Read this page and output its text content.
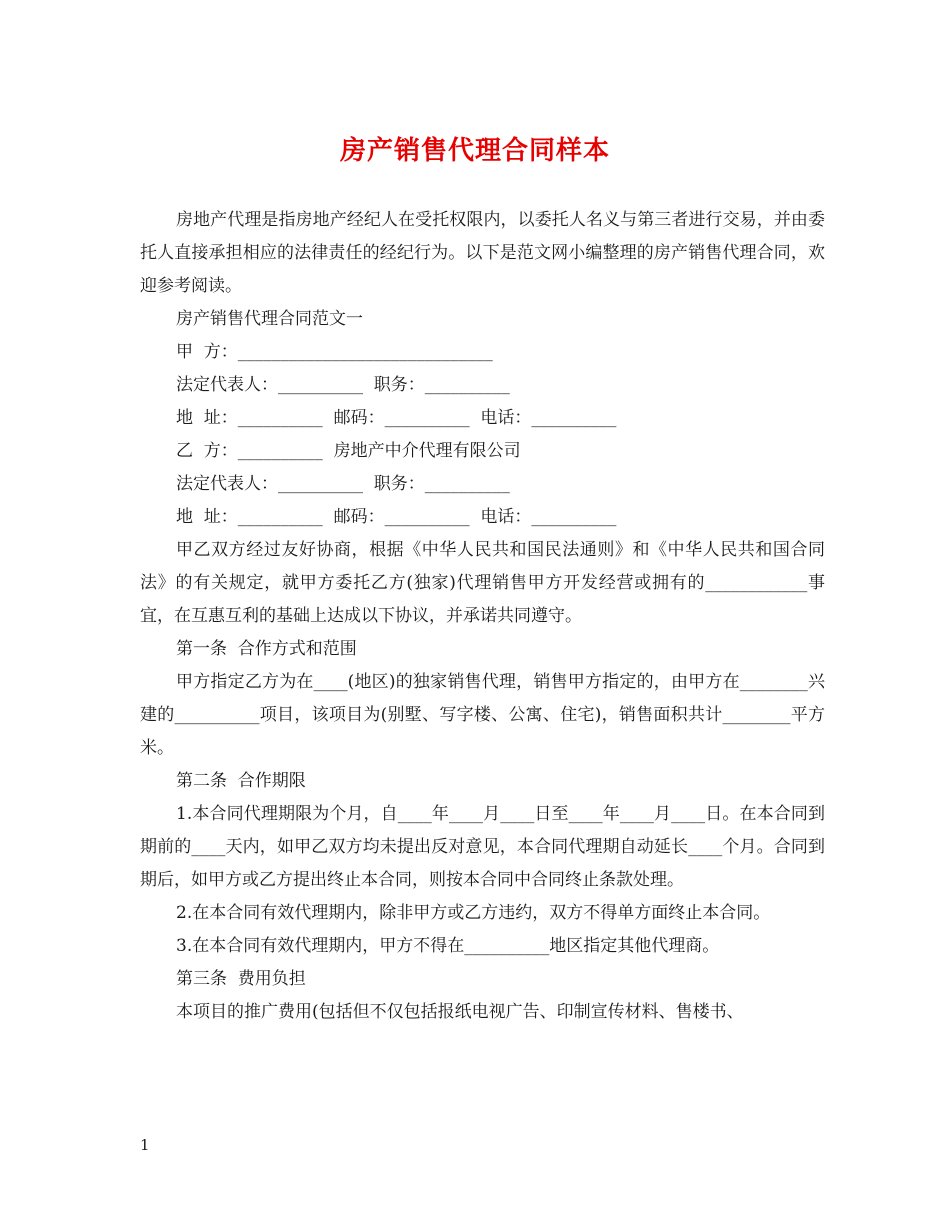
房产销售代理合同样本

房地产代理是指房地产经纪人在受托权限内，以委托人名义与第三者进行交易，并由委托人直接承担相应的法律责任的经纪行为。以下是范文网小编整理的房产销售代理合同，欢迎参考阅读。

房产销售代理合同范文一

甲  方：______________________________

法定代表人：__________  职务：__________

地  址：__________  邮码：__________  电话：__________

乙  方：__________  房地产中介代理有限公司

法定代表人：__________  职务：__________

地  址：__________  邮码：__________  电话：__________

甲乙双方经过友好协商，根据《中华人民共和国民法通则》和《中华人民共和国合同法》的有关规定，就甲方委托乙方(独家)代理销售甲方开发经营或拥有的____________事宜，在互惠互利的基础上达成以下协议，并承诺共同遵守。

第一条  合作方式和范围

甲方指定乙方为在____(地区)的独家销售代理，销售甲方指定的，由甲方在________兴建的__________项目，该项目为(别墅、写字楼、公寓、住宅)，销售面积共计________平方米。

第二条  合作期限

1.本合同代理期限为个月，自____年____月____日至____年____月____日。在本合同到期前的____天内，如甲乙双方均未提出反对意见，本合同代理期自动延长____个月。合同到期后，如甲方或乙方提出终止本合同，则按本合同中合同终止条款处理。

2.在本合同有效代理期内，除非甲方或乙方违约，双方不得单方面终止本合同。

3.在本合同有效代理期内，甲方不得在__________地区指定其他代理商。

第三条  费用负担

本项目的推广费用(包括但不仅包括报纸电视广告、印制宣传材料、售楼书、

1
